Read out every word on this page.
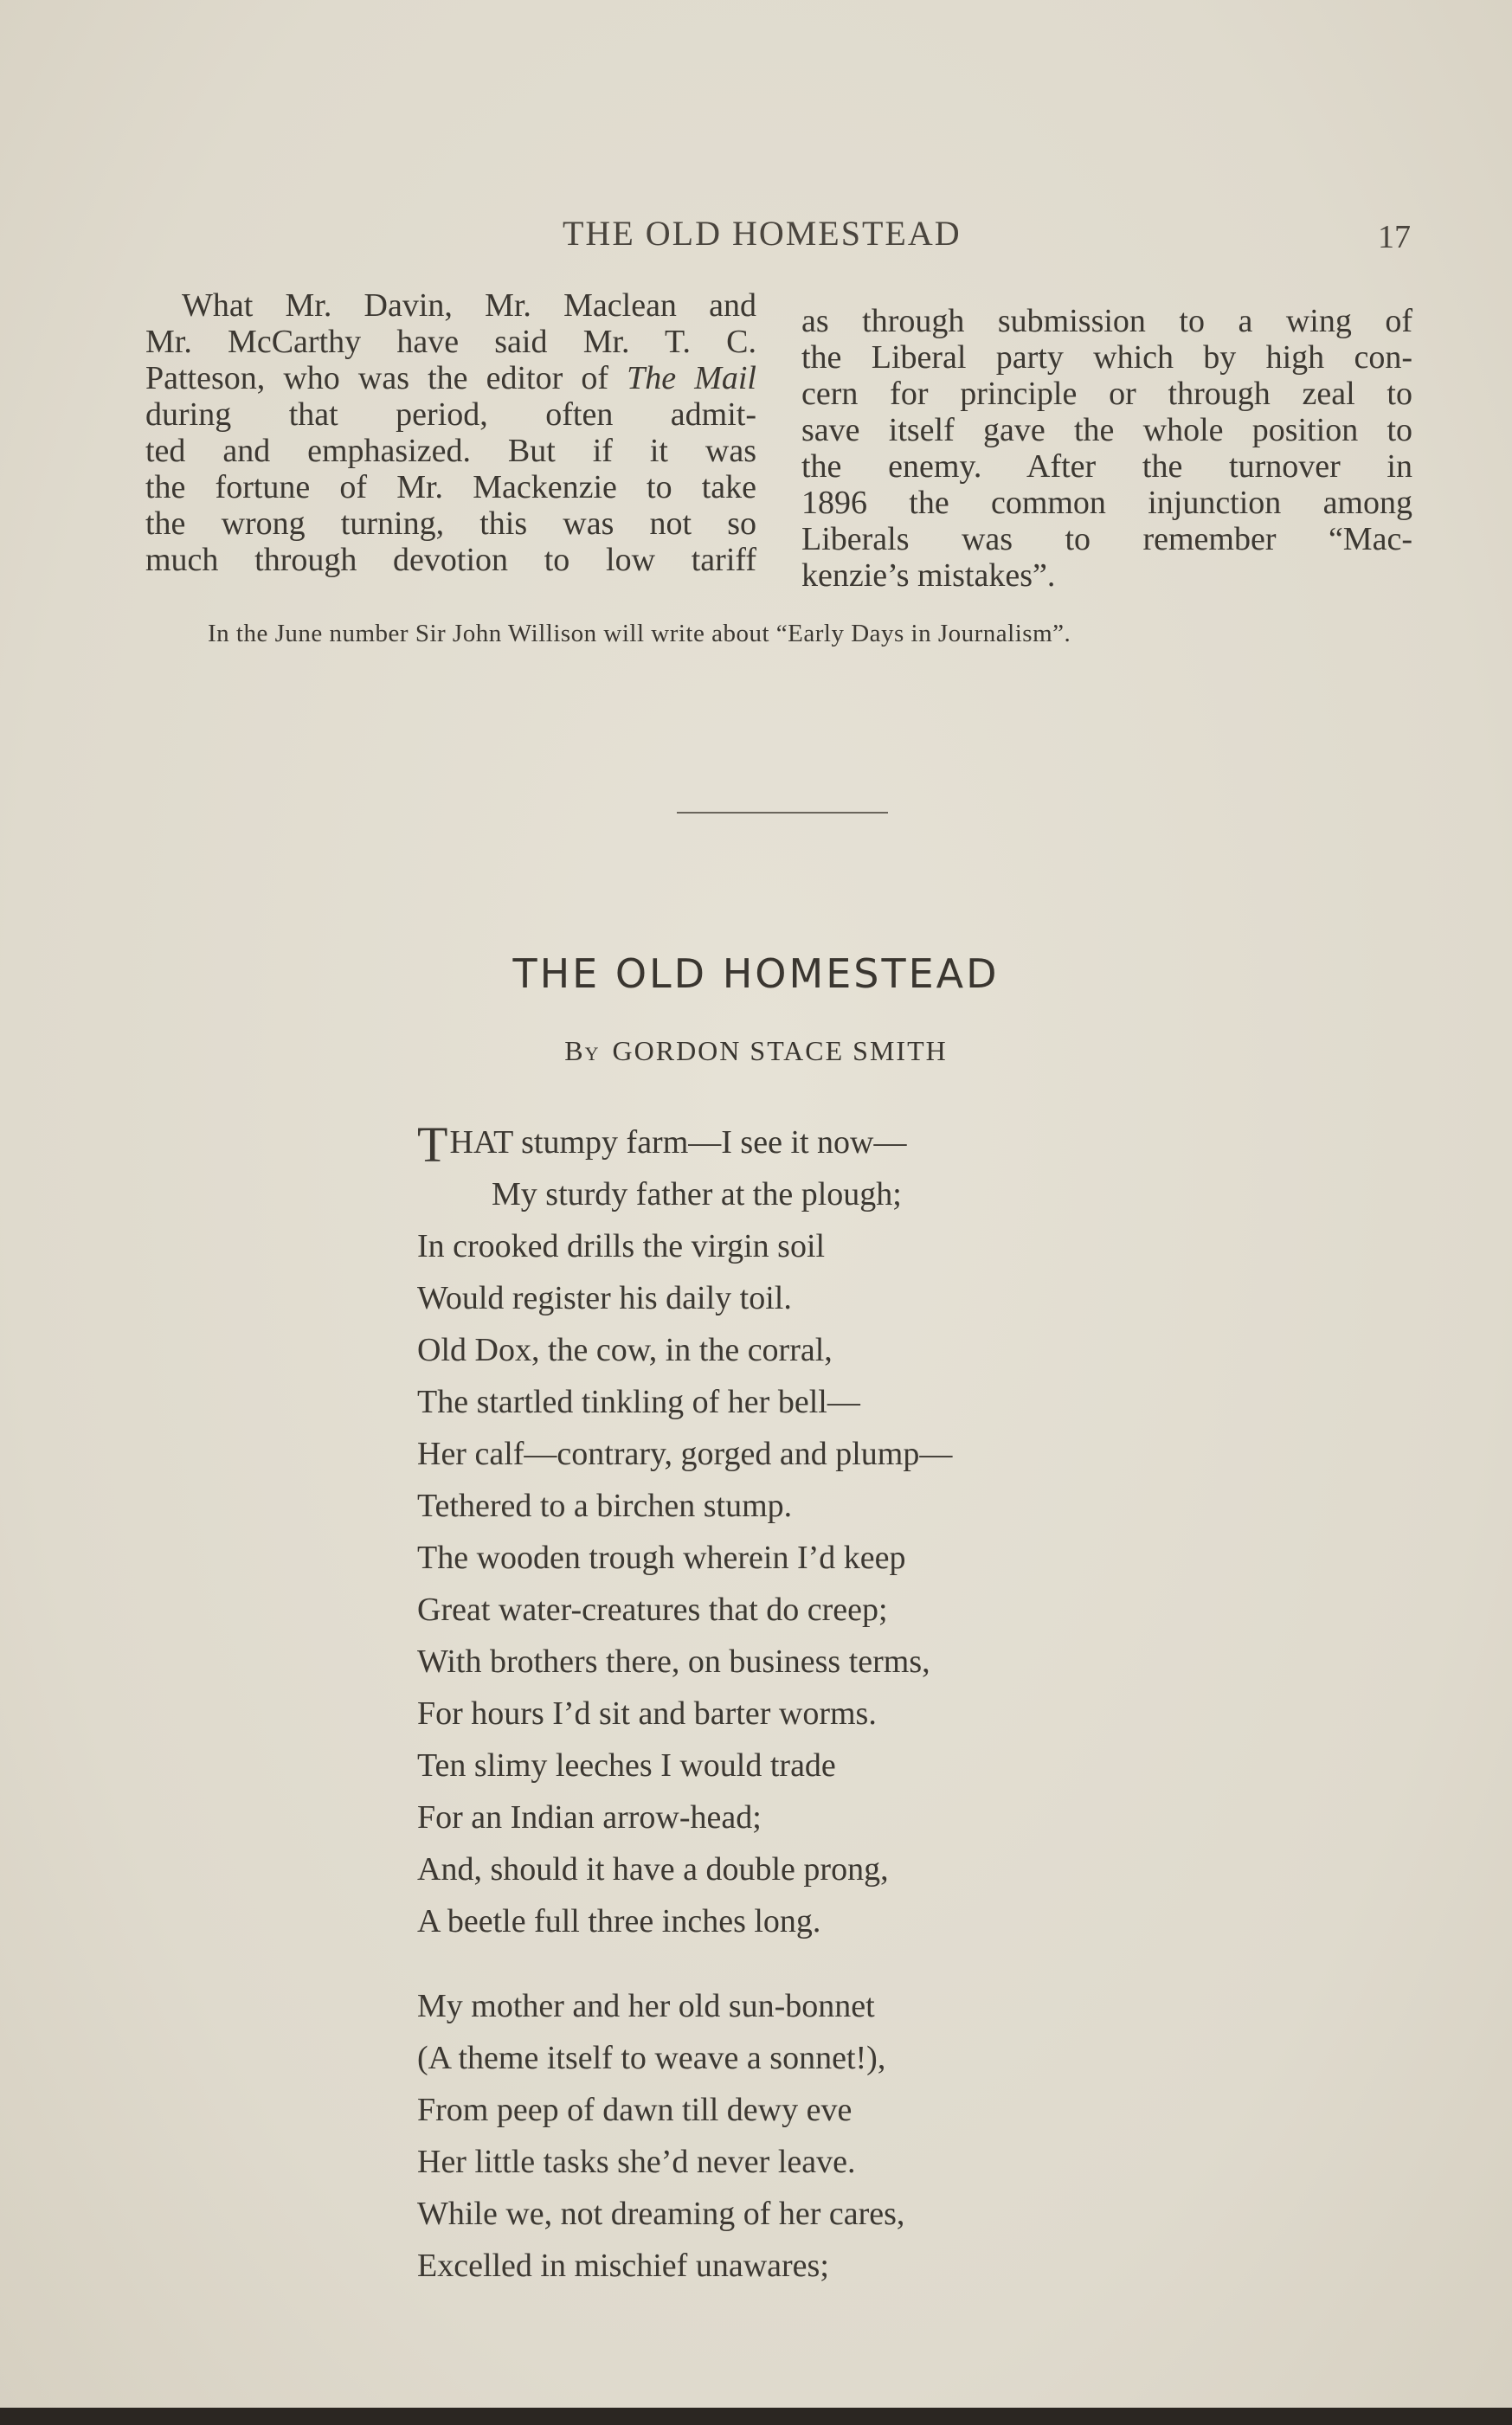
THE OLD HOMESTEAD	17
What Mr. Davin, Mr. Maclean and
Mr. McCarthy have said Mr. T. C.
Patteson, who was the editor of The Mail
during that period, often admit-
ted and emphasized. But if it was
the fortune of Mr. Mackenzie to take
the wrong turning, this was not so
much through devotion to low tariff
as through submission to a wing of
the Liberal party which by high con-
cern for principle or through zeal to
save itself gave the whole position to
the enemy. After the turnover in
1896 the common injunction among
Liberals was to remember “Mac-
kenzie’s mistakes”.
In the June number Sir John Willison will write about “Early Days in Journalism”.
THE OLD HOMESTEAD
By GORDON STACE SMITH
THAT stumpy farm—I see it now—
My sturdy father at the plough;
In crooked drills the virgin soil
Would register his daily toil.
Old Dox, the cow, in the corral,
The startled tinkling of her bell—
Her calf—contrary, gorged and plump—
Tethered to a birchen stump.
The wooden trough wherein I’d keep
Great water-creatures that do creep;
With brothers there, on business terms,
For hours I’d sit and barter worms.
Ten slimy leeches I would trade
For an Indian arrow-head;
And, should it have a double prong,
A beetle full three inches long.
My mother and her old sun-bonnet
(A theme itself to weave a sonnet!),
From peep of dawn till dewy eve
Her little tasks she’d never leave.
While we, not dreaming of her cares,
Excelled in mischief unawares;
